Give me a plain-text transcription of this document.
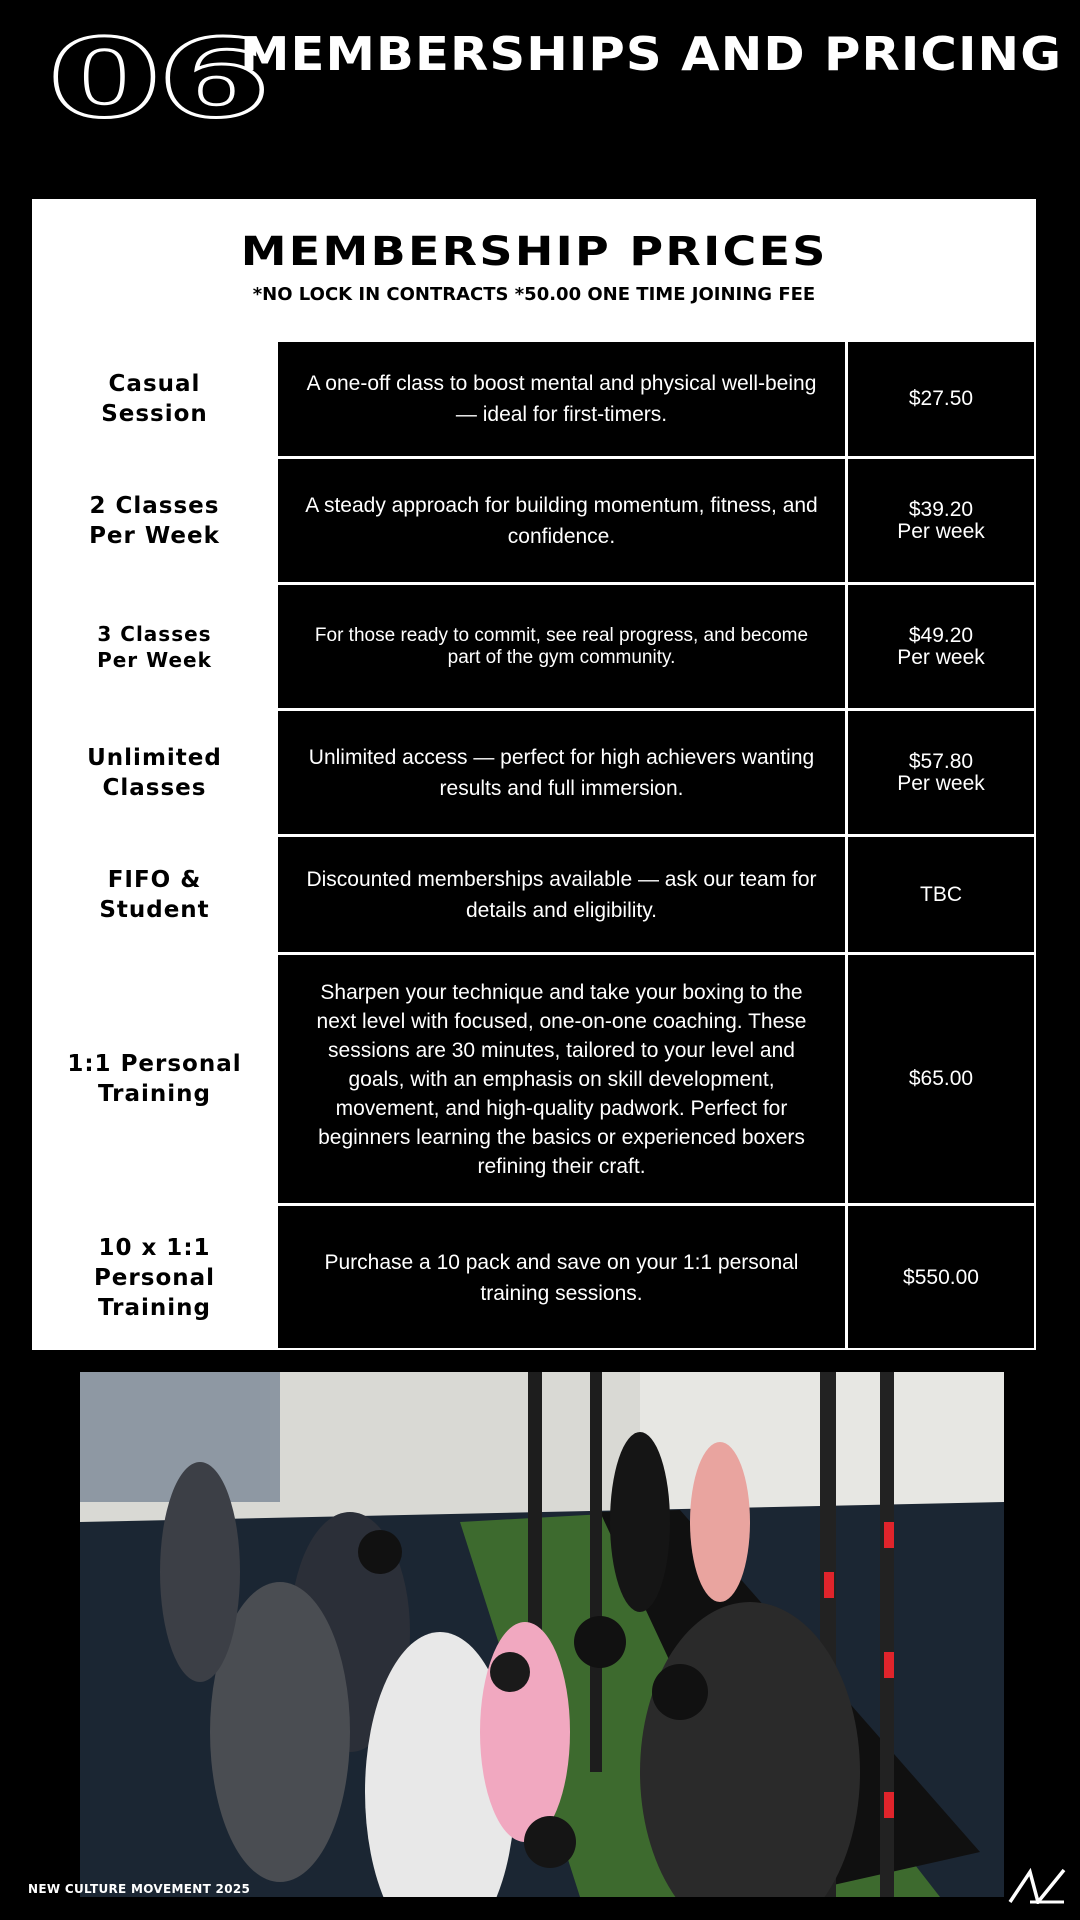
06
MEMBERSHIPS AND PRICING
MEMBERSHIP PRICES
*NO LOCK IN CONTRACTS *50.00 ONE TIME JOINING FEE
Casual
Session
A one-off class to boost mental and physical well-being — ideal for first-timers.
$27.50
2 Classes
Per Week
A steady approach for building momentum, fitness, and confidence.
$39.20
Per week
3 Classes
Per Week
For those ready to commit, see real progress, and become part of the gym community.
$49.20
Per week
Unlimited
Classes
Unlimited access — perfect for high achievers wanting results and full immersion.
$57.80
Per week
FIFO &
Student
Discounted memberships available — ask our team for details and eligibility.
TBC
1:1 Personal
Training
Sharpen your technique and take your boxing to the next level with focused, one-on-one coaching. These sessions are 30 minutes, tailored to your level and goals, with an emphasis on skill development, movement, and high-quality padwork. Perfect for beginners learning the basics or experienced boxers refining their craft.
$65.00
10 x 1:1
Personal
Training
Purchase a 10 pack and save on your 1:1 personal training sessions.
$550.00
NEW CULTURE MOVEMENT 2025
